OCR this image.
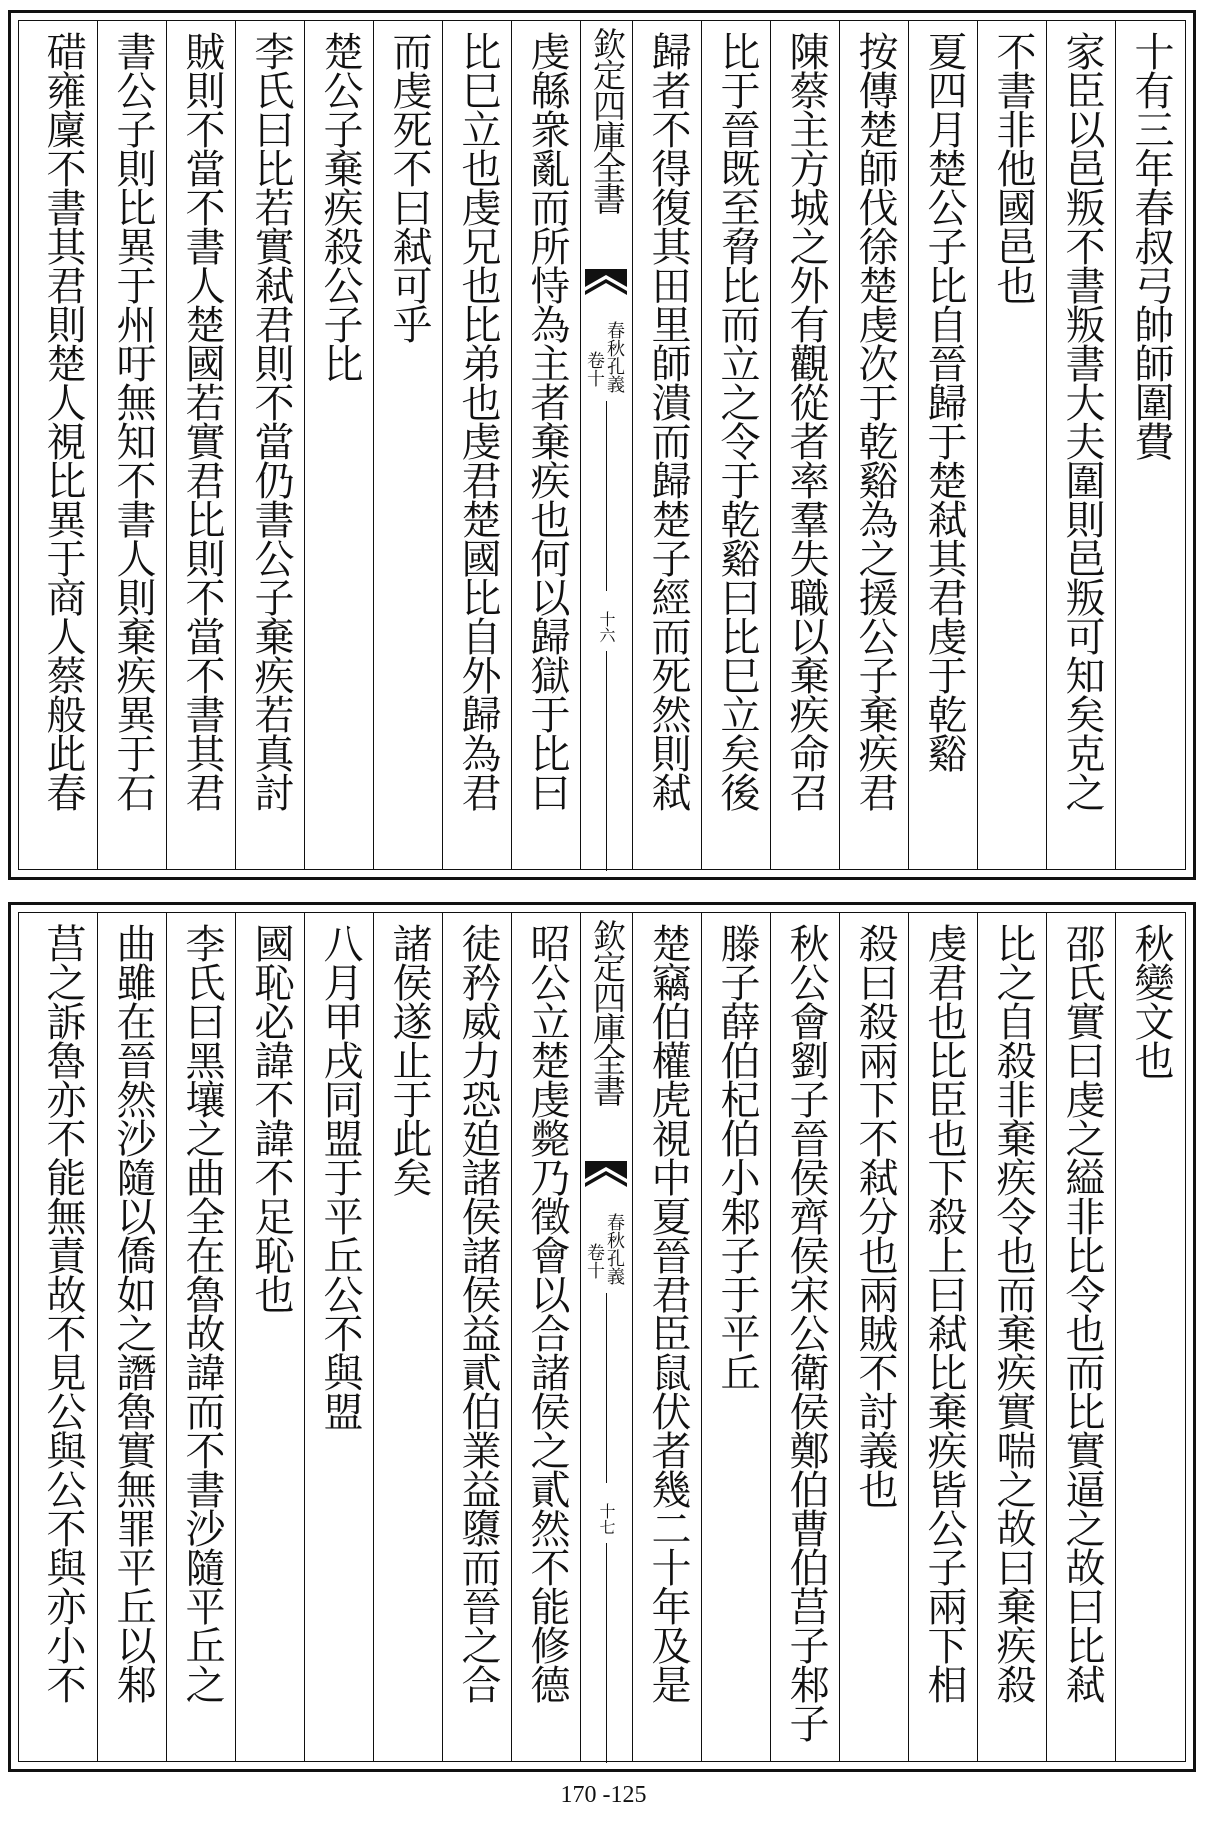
十有三年春叔弓帥師圍費
家臣以邑叛不書叛書大夫圍則邑叛可知矣克之
不書非他國邑也
夏四月楚公子比自晉歸于楚弒其君虔于乾谿
按傳楚師伐徐楚虔次于乾谿為之援公子棄疾君
陳蔡主方城之外有觀從者率羣失職以棄疾命召
比于晉既至脅比而立之令于乾谿曰比巳立矣後
歸者不得復其田里師潰而歸楚子經而死然則弒
欽定四庫全書
春秋孔義
卷十
十六
虔緜衆亂而所恃為主者棄疾也何以歸獄于比曰
比巳立也虔兄也比弟也虔君楚國比自外歸為君
而虔死不曰弒可乎
楚公子棄疾殺公子比
李氏曰比若實弒君則不當仍書公子棄疾若真討
賊則不當不書人楚國若實君比則不當不書其君
書公子則比異于州吁無知不書人則棄疾異于石
碏雍廩不書其君則楚人視比異于商人蔡般此春
秋變文也
邵氏實曰虔之縊非比令也而比實逼之故曰比弒
比之自殺非棄疾令也而棄疾實喘之故曰棄疾殺
虔君也比臣也下殺上曰弒比棄疾皆公子兩下相
殺曰殺兩下不弒分也兩賊不討義也
秋公會劉子晉侯齊侯宋公衛侯鄭伯曹伯莒子邾子
滕子薛伯杞伯小邾子于平丘
楚竊伯權虎視中夏晉君臣鼠伏者幾二十年及是
欽定四庫全書
春秋孔義
卷十
十七
昭公立楚虔斃乃徵會以合諸侯之貳然不能修德
徒矜威力恐廹諸侯諸侯益貳伯業益隳而晉之合
諸侯遂止于此矣
八月甲戌同盟于平丘公不與盟
國恥必諱不諱不足恥也
李氏曰黑壤之曲全在魯故諱而不書沙隨平丘之
曲雖在晉然沙隨以僑如之譖魯實無罪平丘以邾
莒之訴魯亦不能無責故不見公與公不與亦小不
170 -125
